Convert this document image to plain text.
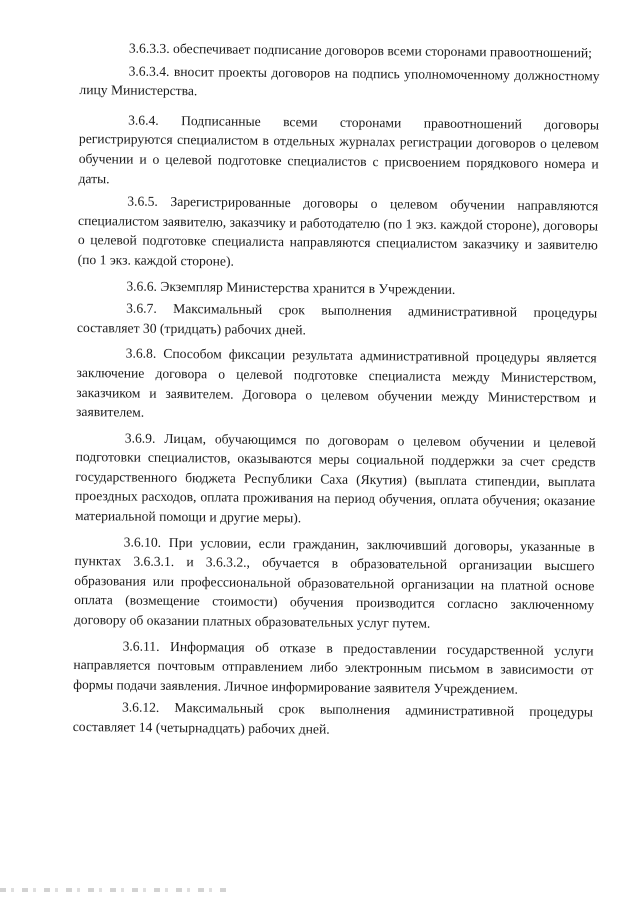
3.6.3.3. обеспечивает подписание договоров всеми сторонами правоотношений;

3.6.3.4. вносит проекты договоров на подпись уполномоченному должностному лицу Министерства.

3.6.4. Подписанные всеми сторонами правоотношений договоры регистрируются специалистом в отдельных журналах регистрации договоров о целевом обучении и о целевой подготовке специалистов с присвоением порядкового номера и даты.

3.6.5. Зарегистрированные договоры о целевом обучении направляются специалистом заявителю, заказчику и работодателю (по 1 экз. каждой стороне), договоры о целевой подготовке специалиста направляются специалистом заказчику и заявителю (по 1 экз. каждой стороне).

3.6.6. Экземпляр Министерства хранится в Учреждении.

3.6.7. Максимальный срок выполнения административной процедуры составляет 30 (тридцать) рабочих дней.

3.6.8. Способом фиксации результата административной процедуры является заключение договора о целевой подготовке специалиста между Министерством, заказчиком и заявителем. Договора о целевом обучении между Министерством и заявителем.

3.6.9. Лицам, обучающимся по договорам о целевом обучении и целевой подготовки специалистов, оказываются меры социальной поддержки за счет средств государственного бюджета Республики Саха (Якутия) (выплата стипендии, выплата проездных расходов, оплата проживания на период обучения, оплата обучения; оказание материальной помощи и другие меры).

3.6.10. При условии, если гражданин, заключивший договоры, указанные в пунктах 3.6.3.1. и 3.6.3.2., обучается в образовательной организации высшего образования или профессиональной образовательной организации на платной основе оплата (возмещение стоимости) обучения производится согласно заключенному договору об оказании платных образовательных услуг путем.

3.6.11. Информация об отказе в предоставлении государственной услуги направляется почтовым отправлением либо электронным письмом в зависимости от формы подачи заявления. Личное информирование заявителя Учреждением.

3.6.12. Максимальный срок выполнения административной процедуры составляет 14 (четырнадцать) рабочих дней.
